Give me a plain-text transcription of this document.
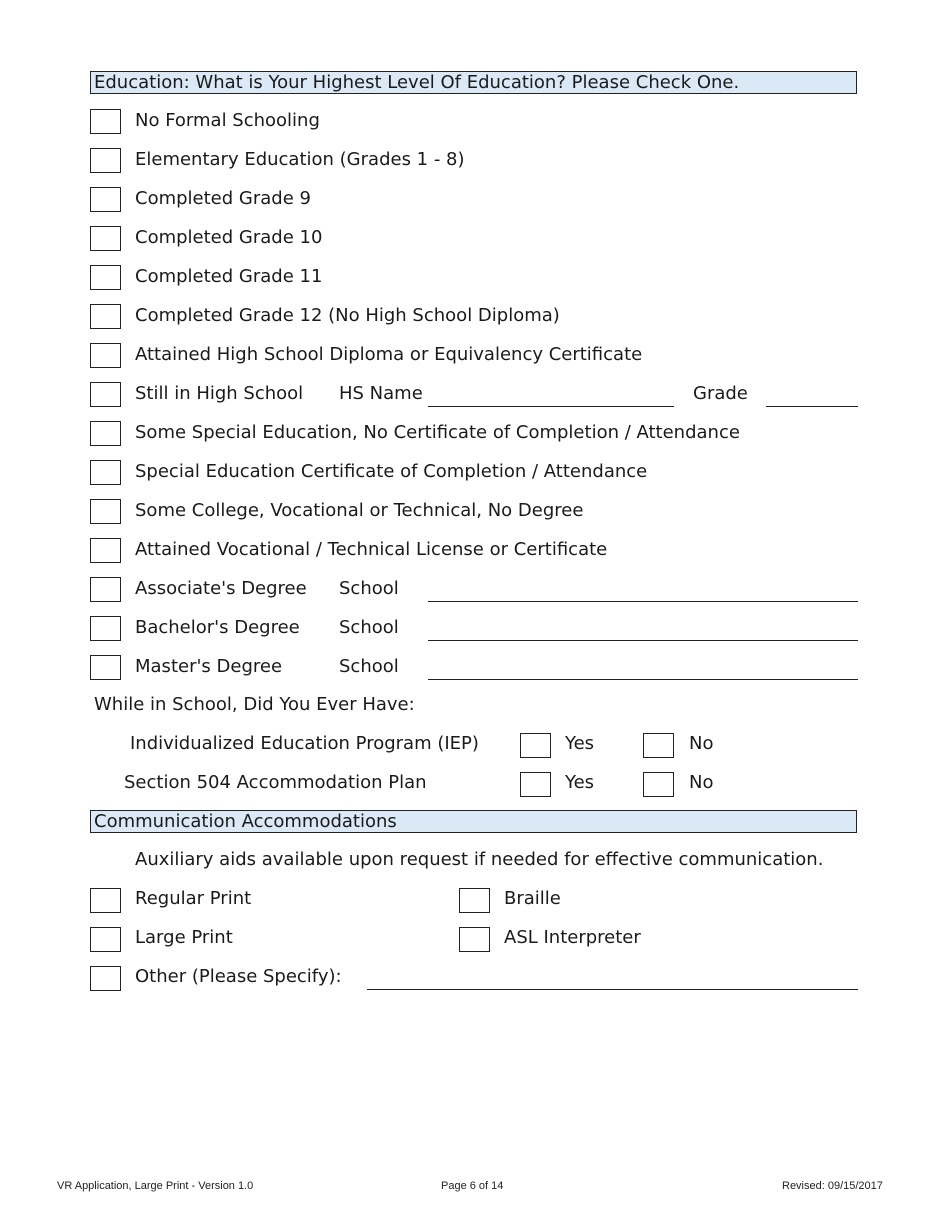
Education: What is Your Highest Level Of Education? Please Check One.
No Formal Schooling
Elementary Education (Grades 1 - 8)
Completed Grade 9
Completed Grade 10
Completed Grade 11
Completed Grade 12 (No High School Diploma)
Attained High School Diploma or Equivalency Certificate
Still in High School HS Name	Grade
Some Special Education, No Certificate of Completion / Attendance
Special Education Certificate of Completion / Attendance
Some College, Vocational or Technical, No Degree
Attained Vocational / Technical License or Certificate
Associate's Degree School
Bachelor's Degree School
Master's Degree	School
While in School, Did You Ever Have:
Individualized Education Program (IEP)	Yes	No
Section 504 Accommodation Plan	Yes	No
Communication Accommodations
Auxiliary aids available upon request if needed for effective communication.
Regular Print	Braille
Large Print	ASL Interpreter
Other (Please Specify):
VR Application, Large Print - Version 1.0	Page 6 of 14	Revised: 09/15/2017
